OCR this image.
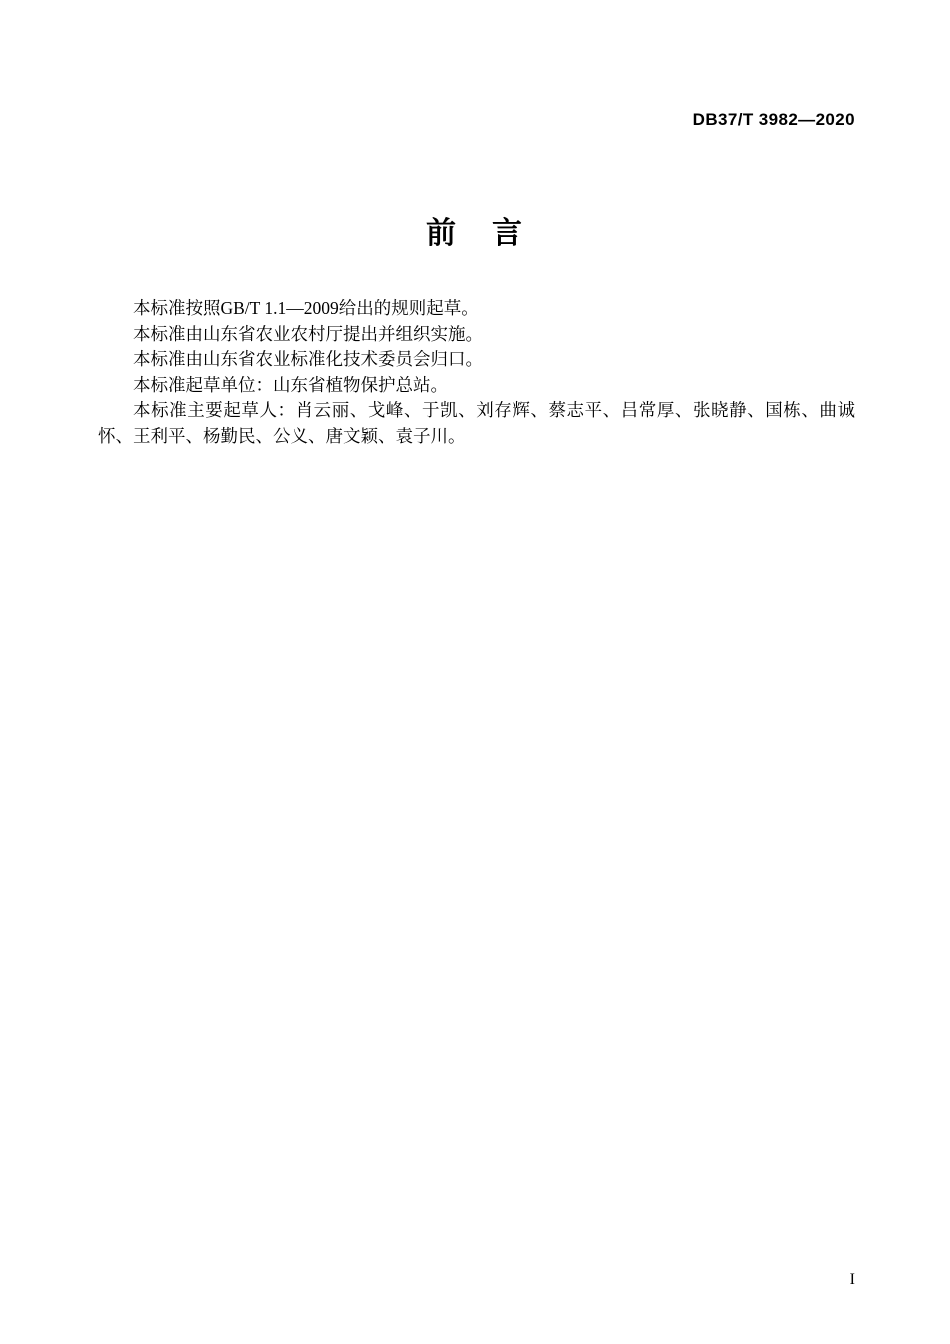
DB37/T 3982—2020
前 言

本标准按照GB/T 1.1—2009给出的规则起草。

本标准由山东省农业农村厅提出并组织实施。

本标准由山东省农业标准化技术委员会归口。

本标准起草单位：山东省植物保护总站。

本标准主要起草人：肖云丽、戈峰、于凯、刘存辉、蔡志平、吕常厚、张晓静、国栋、曲诚怀、王利平、杨勤民、公义、唐文颖、袁子川。

I
